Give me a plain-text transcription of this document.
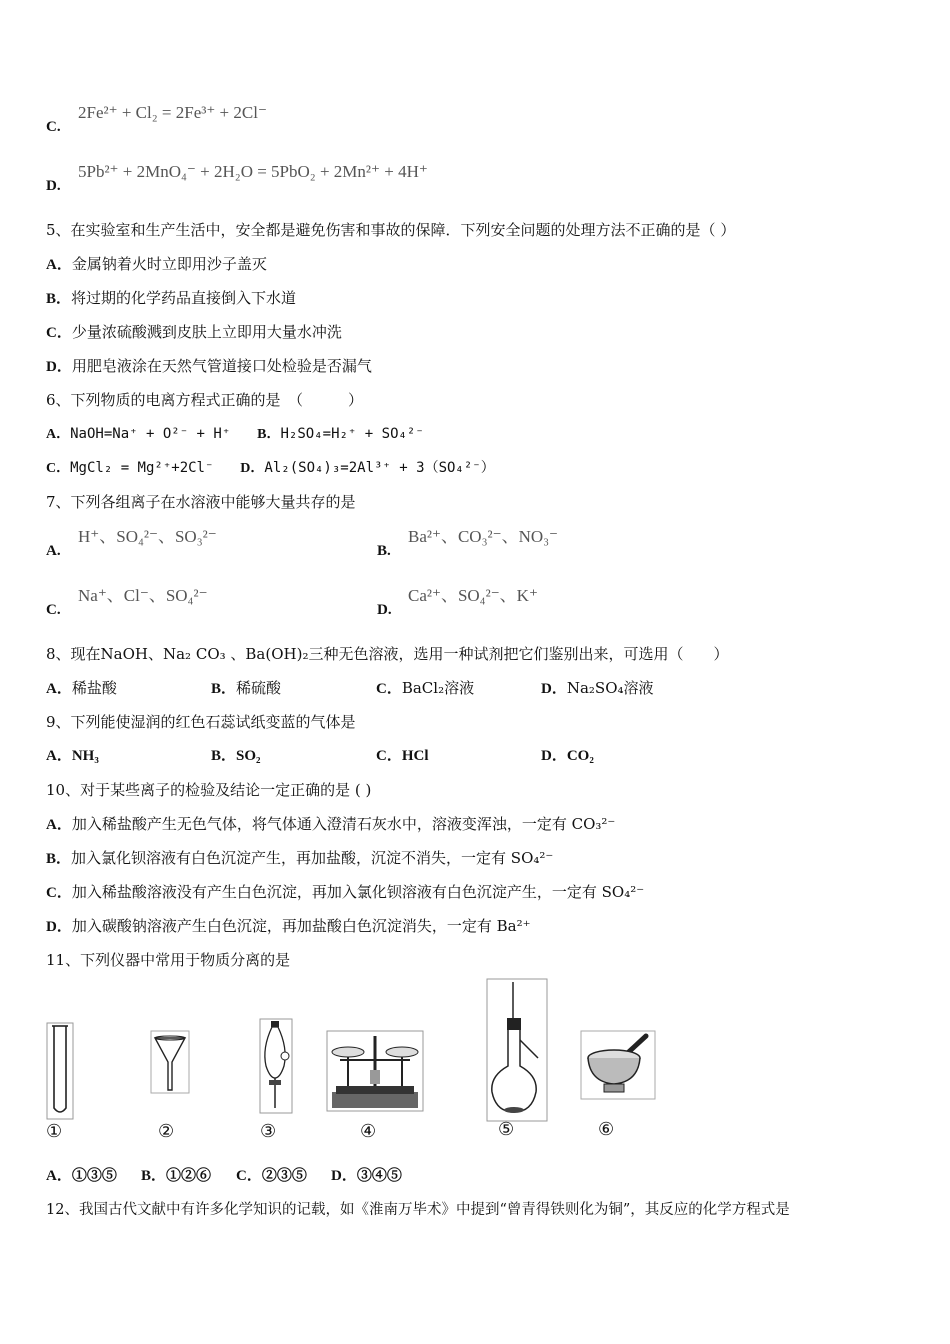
C.
2Fe²⁺ + Cl₂ = 2Fe³⁺ + 2Cl⁻
D.
5Pb²⁺ + 2MnO₄⁻ + 2H₂O = 5PbO₂ + 2Mn²⁺ + 4H⁺
5、在实验室和生产生活中，安全都是避免伤害和事故的保障．下列安全问题的处理方法不正确的是（ ）
A．金属钠着火时立即用沙子盖灭
B．将过期的化学药品直接倒入下水道
C．少量浓硫酸溅到皮肤上立即用大量水冲洗
D．用肥皂液涂在天然气管道接口处检验是否漏气
6、下列物质的电离方程式正确的是　（　　　）
A．NaOH=Na⁺ + O²⁻ + H⁺ B．H₂SO₄=H₂⁺ + SO₄²⁻
C．MgCl₂ = Mg²⁺+2Cl⁻ D．Al₂(SO₄)₃=2Al³⁺ + 3（SO₄²⁻）
7、下列各组离子在水溶液中能够大量共存的是
A.
H⁺、SO₄²⁻、SO₃²⁻
B.
Ba²⁺、CO₃²⁻、NO₃⁻
C.
Na⁺、Cl⁻、SO₄²⁻
D.
Ca²⁺、SO₄²⁻、K⁺
8、现在NaOH、Na₂ CO₃ 、Ba(OH)₂三种无色溶液，选用一种试剂把它们鉴别出来，可选用（　　）
A．稀盐酸	B．稀硫酸	C．BaCl₂溶液	D．Na₂SO₄溶液
9、下列能使湿润的红色石蕊试纸变蓝的气体是
A．NH₃	B．SO₂	C．HCl	D．CO₂
10、对于某些离子的检验及结论一定正确的是 ( )
A．加入稀盐酸产生无色气体，将气体通入澄清石灰水中，溶液变浑浊，一定有 CO₃²⁻
B．加入氯化钡溶液有白色沉淀产生，再加盐酸，沉淀不消失，一定有 SO₄²⁻
C．加入稀盐酸溶液没有产生白色沉淀，再加入氯化钡溶液有白色沉淀产生，一定有 SO₄²⁻
D．加入碳酸钠溶液产生白色沉淀，再加盐酸白色沉淀消失，一定有 Ba²⁺
11、下列仪器中常用于物质分离的是
①	②	③	④	⑤	⑥
A．①③⑤ B．①②⑥ C．②③⑤ D．③④⑤
12、我国古代文献中有许多化学知识的记载，如《淮南万毕术》中提到“曾青得铁则化为铜”，其反应的化学方程式是
